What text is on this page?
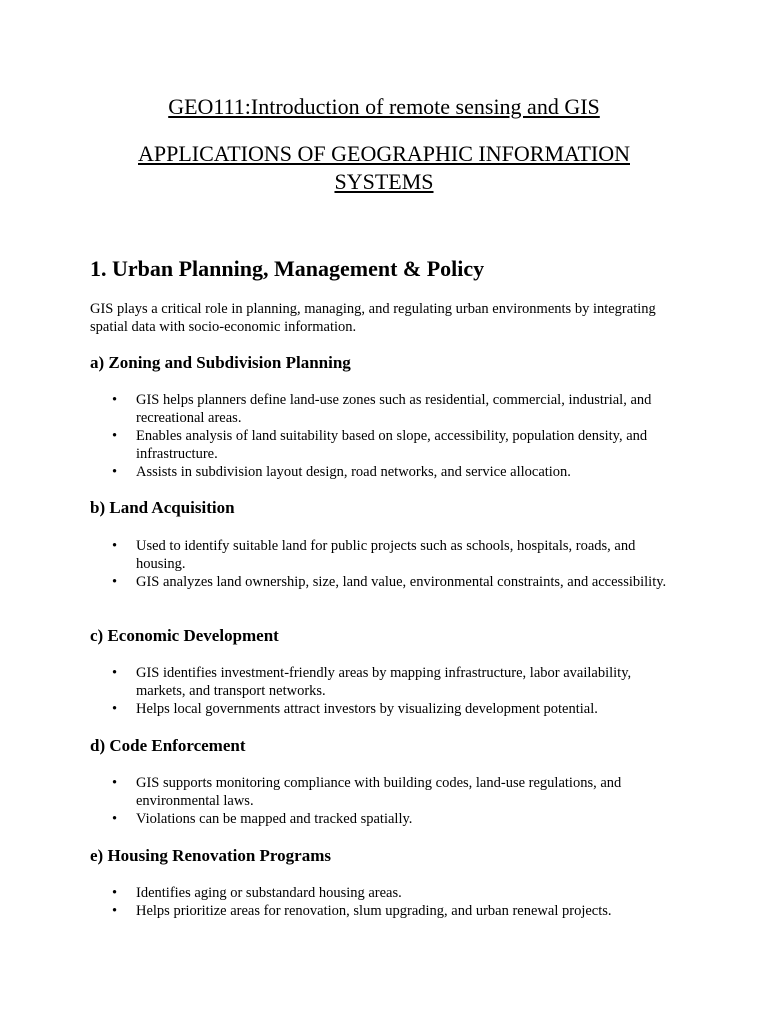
GEO111:Introduction of remote sensing and GIS
APPLICATIONS OF GEOGRAPHIC INFORMATION SYSTEMS
1. Urban Planning, Management & Policy

GIS plays a critical role in planning, managing, and regulating urban environments by integrating spatial data with socio-economic information.

a) Zoning and Subdivision Planning
• GIS helps planners define land-use zones such as residential, commercial, industrial, and recreational areas.
• Enables analysis of land suitability based on slope, accessibility, population density, and infrastructure.
• Assists in subdivision layout design, road networks, and service allocation.
b) Land Acquisition
• Used to identify suitable land for public projects such as schools, hospitals, roads, and housing.
• GIS analyzes land ownership, size, land value, environmental constraints, and accessibility.
c) Economic Development
• GIS identifies investment-friendly areas by mapping infrastructure, labor availability, markets, and transport networks.
• Helps local governments attract investors by visualizing development potential.
d) Code Enforcement
• GIS supports monitoring compliance with building codes, land-use regulations, and environmental laws.
• Violations can be mapped and tracked spatially.
e) Housing Renovation Programs
• Identifies aging or substandard housing areas.
• Helps prioritize areas for renovation, slum upgrading, and urban renewal projects.
